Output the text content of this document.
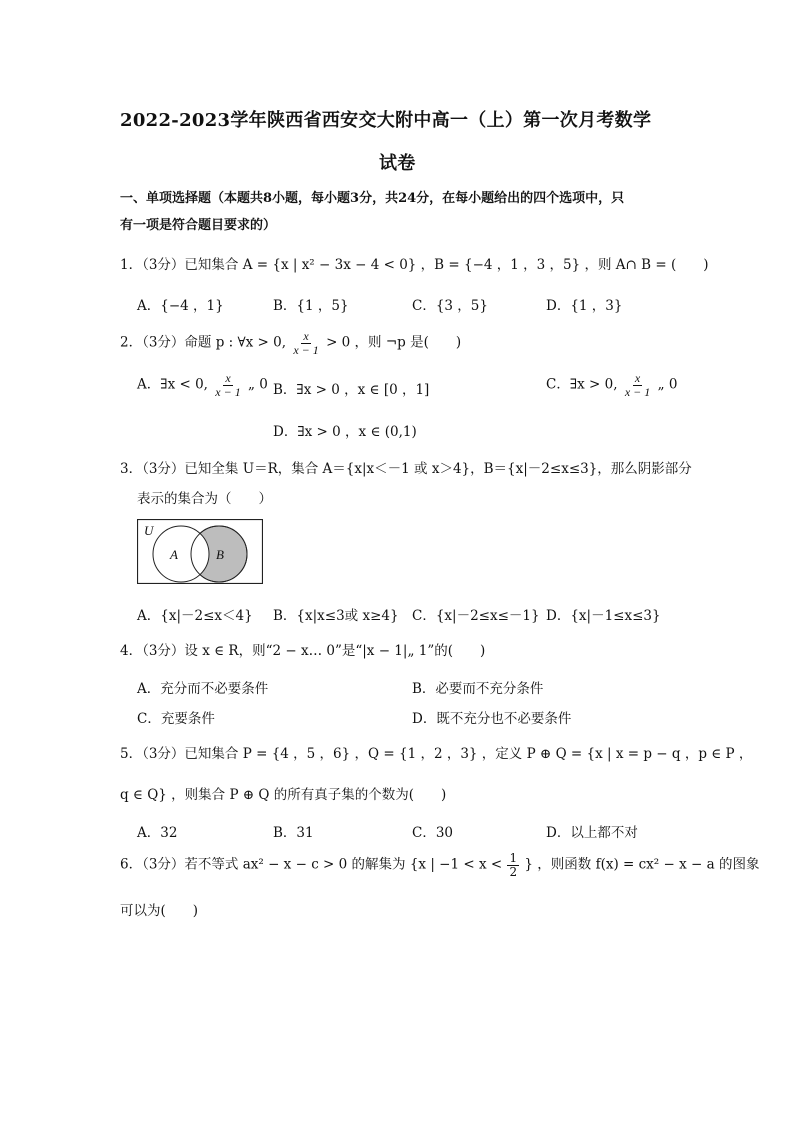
2022-2023学年陕西省西安交大附中高一（上）第一次月考数学
试卷
一、单项选择题（本题共8小题，每小题3分，共24分，在每小题给出的四个选项中，只
有一项是符合题目要求的）
1．（3分）已知集合 A = {x | x² − 3x − 4 < 0} ，B = {−4 ，1 ，3 ，5} ，则 A∩ B = (　　)
A．{−4 ，1}	B．{1 ，5}	C．{3 ，5}	D．{1 ，3}
2．（3分）命题 p : ∀x > 0, $\frac{x}{x - 1} > 0$ ，则 ¬p 是(　　)
A．∃x < 0, $\frac{x}{x - 1}$ „ 0 B．∃x > 0 ，x ∈ [0 ，1]	C．∃x > 0, $\frac{x}{x - 1}$ „ 0
D．∃x > 0 ，x ∈ (0,1)
3．（3分）已知全集 U＝R，集合 A＝{x|x＜－1 或 x＞4}，B＝{x|－2≤x≤3}，那么阴影部分
表示的集合为（　　）
U
A	B
A．{x|－2≤x＜4} B．{x|x≤3或 x≥4} C．{x|－2≤x≤－1} D．{x|－1≤x≤3}
4．（3分）设 x ∈ R，则“2 − x… 0”是“|x − 1|„ 1”的(　　)
A．充分而不必要条件	B．必要而不充分条件
C．充要条件	D．既不充分也不必要条件
5．（3分）已知集合 P = {4 ，5 ，6} ，Q = {1 ，2 ，3} ，定义 P ⊕ Q = {x | x = p − q ，p ∈ P ，
q ∈ Q} ，则集合 P ⊕ Q 的所有真子集的个数为(　　)
A．32	B．31	C．30	D．以上都不对
6．（3分）若不等式 ax² − x − c > 0 的解集为 {x | $-1 < x < \frac{1}{2}$ } ，则函数 f(x) = cx² − x − a 的图象
可以为(　　)
